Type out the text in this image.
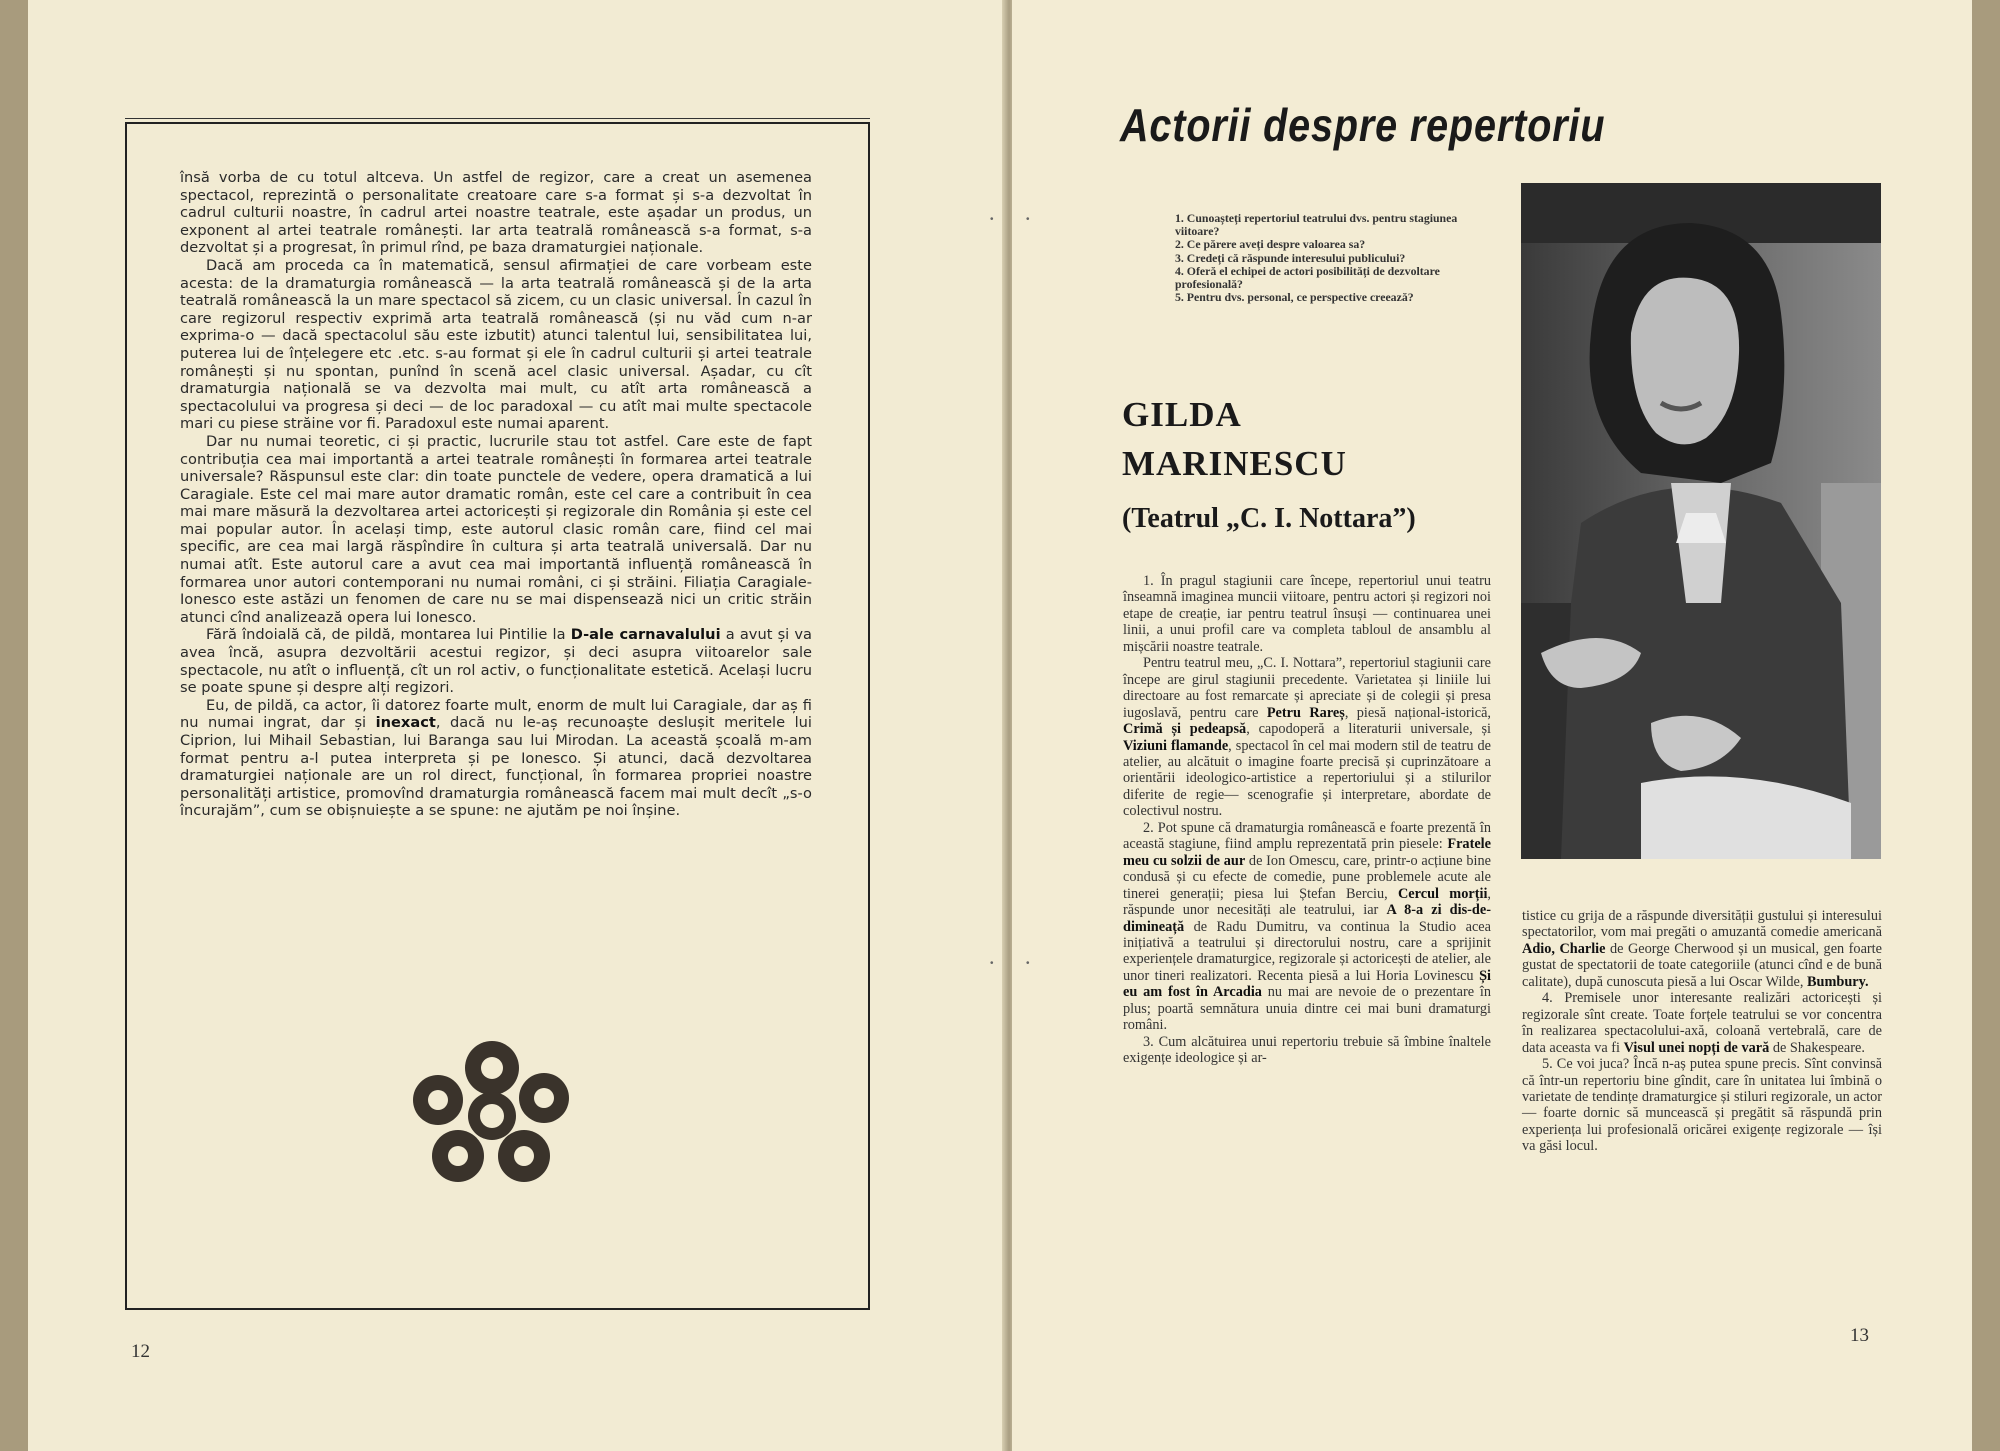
însă vorba de cu totul altceva. Un astfel de regizor, care a creat un asemenea spectacol, reprezintă o personalitate creatoare care s-a format și s-a dezvoltat în cadrul culturii noastre, în cadrul artei noastre teatrale, este așadar un produs, un exponent al artei teatrale românești. Iar arta teatrală românească s-a format, s-a dezvoltat și a progresat, în primul rînd, pe baza dramaturgiei naționale.

Dacă am proceda ca în matematică, sensul afirmației de care vorbeam este acesta: de la dramaturgia românească — la arta teatrală românească și de la arta teatrală românească la un mare spectacol să zicem, cu un clasic universal. În cazul în care regizorul respectiv exprimă arta teatrală românească (și nu văd cum n-ar exprima-o — dacă spectacolul său este izbutit) atunci talentul lui, sensibilitatea lui, puterea lui de înțelegere etc .etc. s-au format și ele în cadrul culturii și artei teatrale românești și nu spontan, punînd în scenă acel clasic universal. Așadar, cu cît dramaturgia națională se va dezvolta mai mult, cu atît arta românească a spectacolului va progresa și deci — de loc paradoxal — cu atît mai multe spectacole mari cu piese străine vor fi. Paradoxul este numai aparent.

Dar nu numai teoretic, ci și practic, lucrurile stau tot astfel. Care este de fapt contribuția cea mai importantă a artei teatrale românești în formarea artei teatrale universale? Răspunsul este clar: din toate punctele de vedere, opera dramatică a lui Caragiale. Este cel mai mare autor dramatic român, este cel care a contribuit în cea mai mare măsură la dezvoltarea artei actoricești și regizorale din România și este cel mai popular autor. În același timp, este autorul clasic român care, fiind cel mai specific, are cea mai largă răspîndire în cultura și arta teatrală universală. Dar nu numai atît. Este autorul care a avut cea mai importantă influență românească în formarea unor autori contemporani nu numai români, ci și străini. Filiația Caragiale-Ionesco este astăzi un fenomen de care nu se mai dispensează nici un critic străin atunci cînd analizează opera lui Ionesco.

Fără îndoială că, de pildă, montarea lui Pintilie la D-ale carnavalului a avut și va avea încă, asupra dezvoltării acestui regizor, și deci asupra viitoarelor sale spectacole, nu atît o influență, cît un rol activ, o funcționalitate estetică. Același lucru se poate spune și despre alți regizori.

Eu, de pildă, ca actor, îi datorez foarte mult, enorm de mult lui Caragiale, dar aș fi nu numai ingrat, dar și inexact, dacă nu le-aș recunoaște deslușit meritele lui Ciprion, lui Mihail Sebastian, lui Baranga sau lui Mirodan. La această școală m-am format pentru a-l putea interpreta și pe Ionesco. Și atunci, dacă dezvoltarea dramaturgiei naționale are un rol direct, funcțional, în formarea propriei noastre personalități artistice, promovînd dramaturgia românească facem mai mult decît „s-o încurajăm”, cum se obișnuiește a se spune: ne ajutăm pe noi înșine.

12
•	•
•	•
Actorii despre repertoriu
1. Cunoașteți repertoriul teatrului dvs. pentru stagiunea viitoare?
2. Ce părere aveți despre valoarea sa?
3. Credeți că răspunde interesului publicului?
4. Oferă el echipei de actori posibilități de dezvoltare profesională?
5. Pentru dvs. personal, ce perspective creează?
GILDA
MARINESCU
(Teatrul „C. I. Nottara”)

1. În pragul stagiunii care începe, repertoriul unui teatru înseamnă imaginea muncii viitoare, pentru actori și regizori noi etape de creație, iar pentru teatrul însuși — continuarea unei linii, a unui profil care va completa tabloul de ansamblu al mișcării noastre teatrale.

Pentru teatrul meu, „C. I. Nottara”, repertoriul stagiunii care începe are girul stagiunii precedente. Varietatea și liniile lui directoare au fost remarcate și apreciate și de colegii și presa iugoslavă, pentru care Petru Rareș, piesă național-istorică, Crimă și pedeapsă, capodoperă a literaturii universale, și Viziuni flamande, spectacol în cel mai modern stil de teatru de atelier, au alcătuit o imagine foarte precisă și cuprinzătoare a orientării ideologico-artistice a repertoriului și a stilurilor diferite de regie— scenografie și interpretare, abordate de colectivul nostru.

2. Pot spune că dramaturgia românească e foarte prezentă în această stagiune, fiind amplu reprezentată prin piesele: Fratele meu cu solzii de aur de Ion Omescu, care, printr-o acțiune bine condusă și cu efecte de comedie, pune problemele acute ale tinerei generații; piesa lui Ștefan Berciu, Cercul morții, răspunde unor necesități ale teatrului, iar A 8-a zi dis-de-dimineață de Radu Dumitru, va continua la Studio acea inițiativă a teatrului și directorului nostru, care a sprijinit experiențele dramaturgice, regizorale și actoricești de atelier, ale unor tineri realizatori. Recenta piesă a lui Horia Lovinescu Și eu am fost în Arcadia nu mai are nevoie de o prezentare în plus; poartă semnătura unuia dintre cei mai buni dramaturgi români.

3. Cum alcătuirea unui repertoriu trebuie să îmbine înaltele exigențe ideologice și ar-

tistice cu grija de a răspunde diversității gustului și interesului spectatorilor, vom mai pregăti o amuzantă comedie americană Adio, Charlie de George Cherwood și un musical, gen foarte gustat de spectatorii de toate categoriile (atunci cînd e de bună calitate), după cunoscuta piesă a lui Oscar Wilde, Bumbury.

4. Premisele unor interesante realizări actoricești și regizorale sînt create. Toate forțele teatrului se vor concentra în realizarea spectacolului-axă, coloană vertebrală, care de data aceasta va fi Visul unei nopți de vară de Shakespeare.

5. Ce voi juca? Încă n-aș putea spune precis. Sînt convinsă că într-un repertoriu bine gîndit, care în unitatea lui îmbină o varietate de tendințe dramaturgice și stiluri regizorale, un actor — foarte dornic să muncească și pregătit să răspundă prin experiența lui profesională oricărei exigențe regizorale — își va găsi locul.

13
